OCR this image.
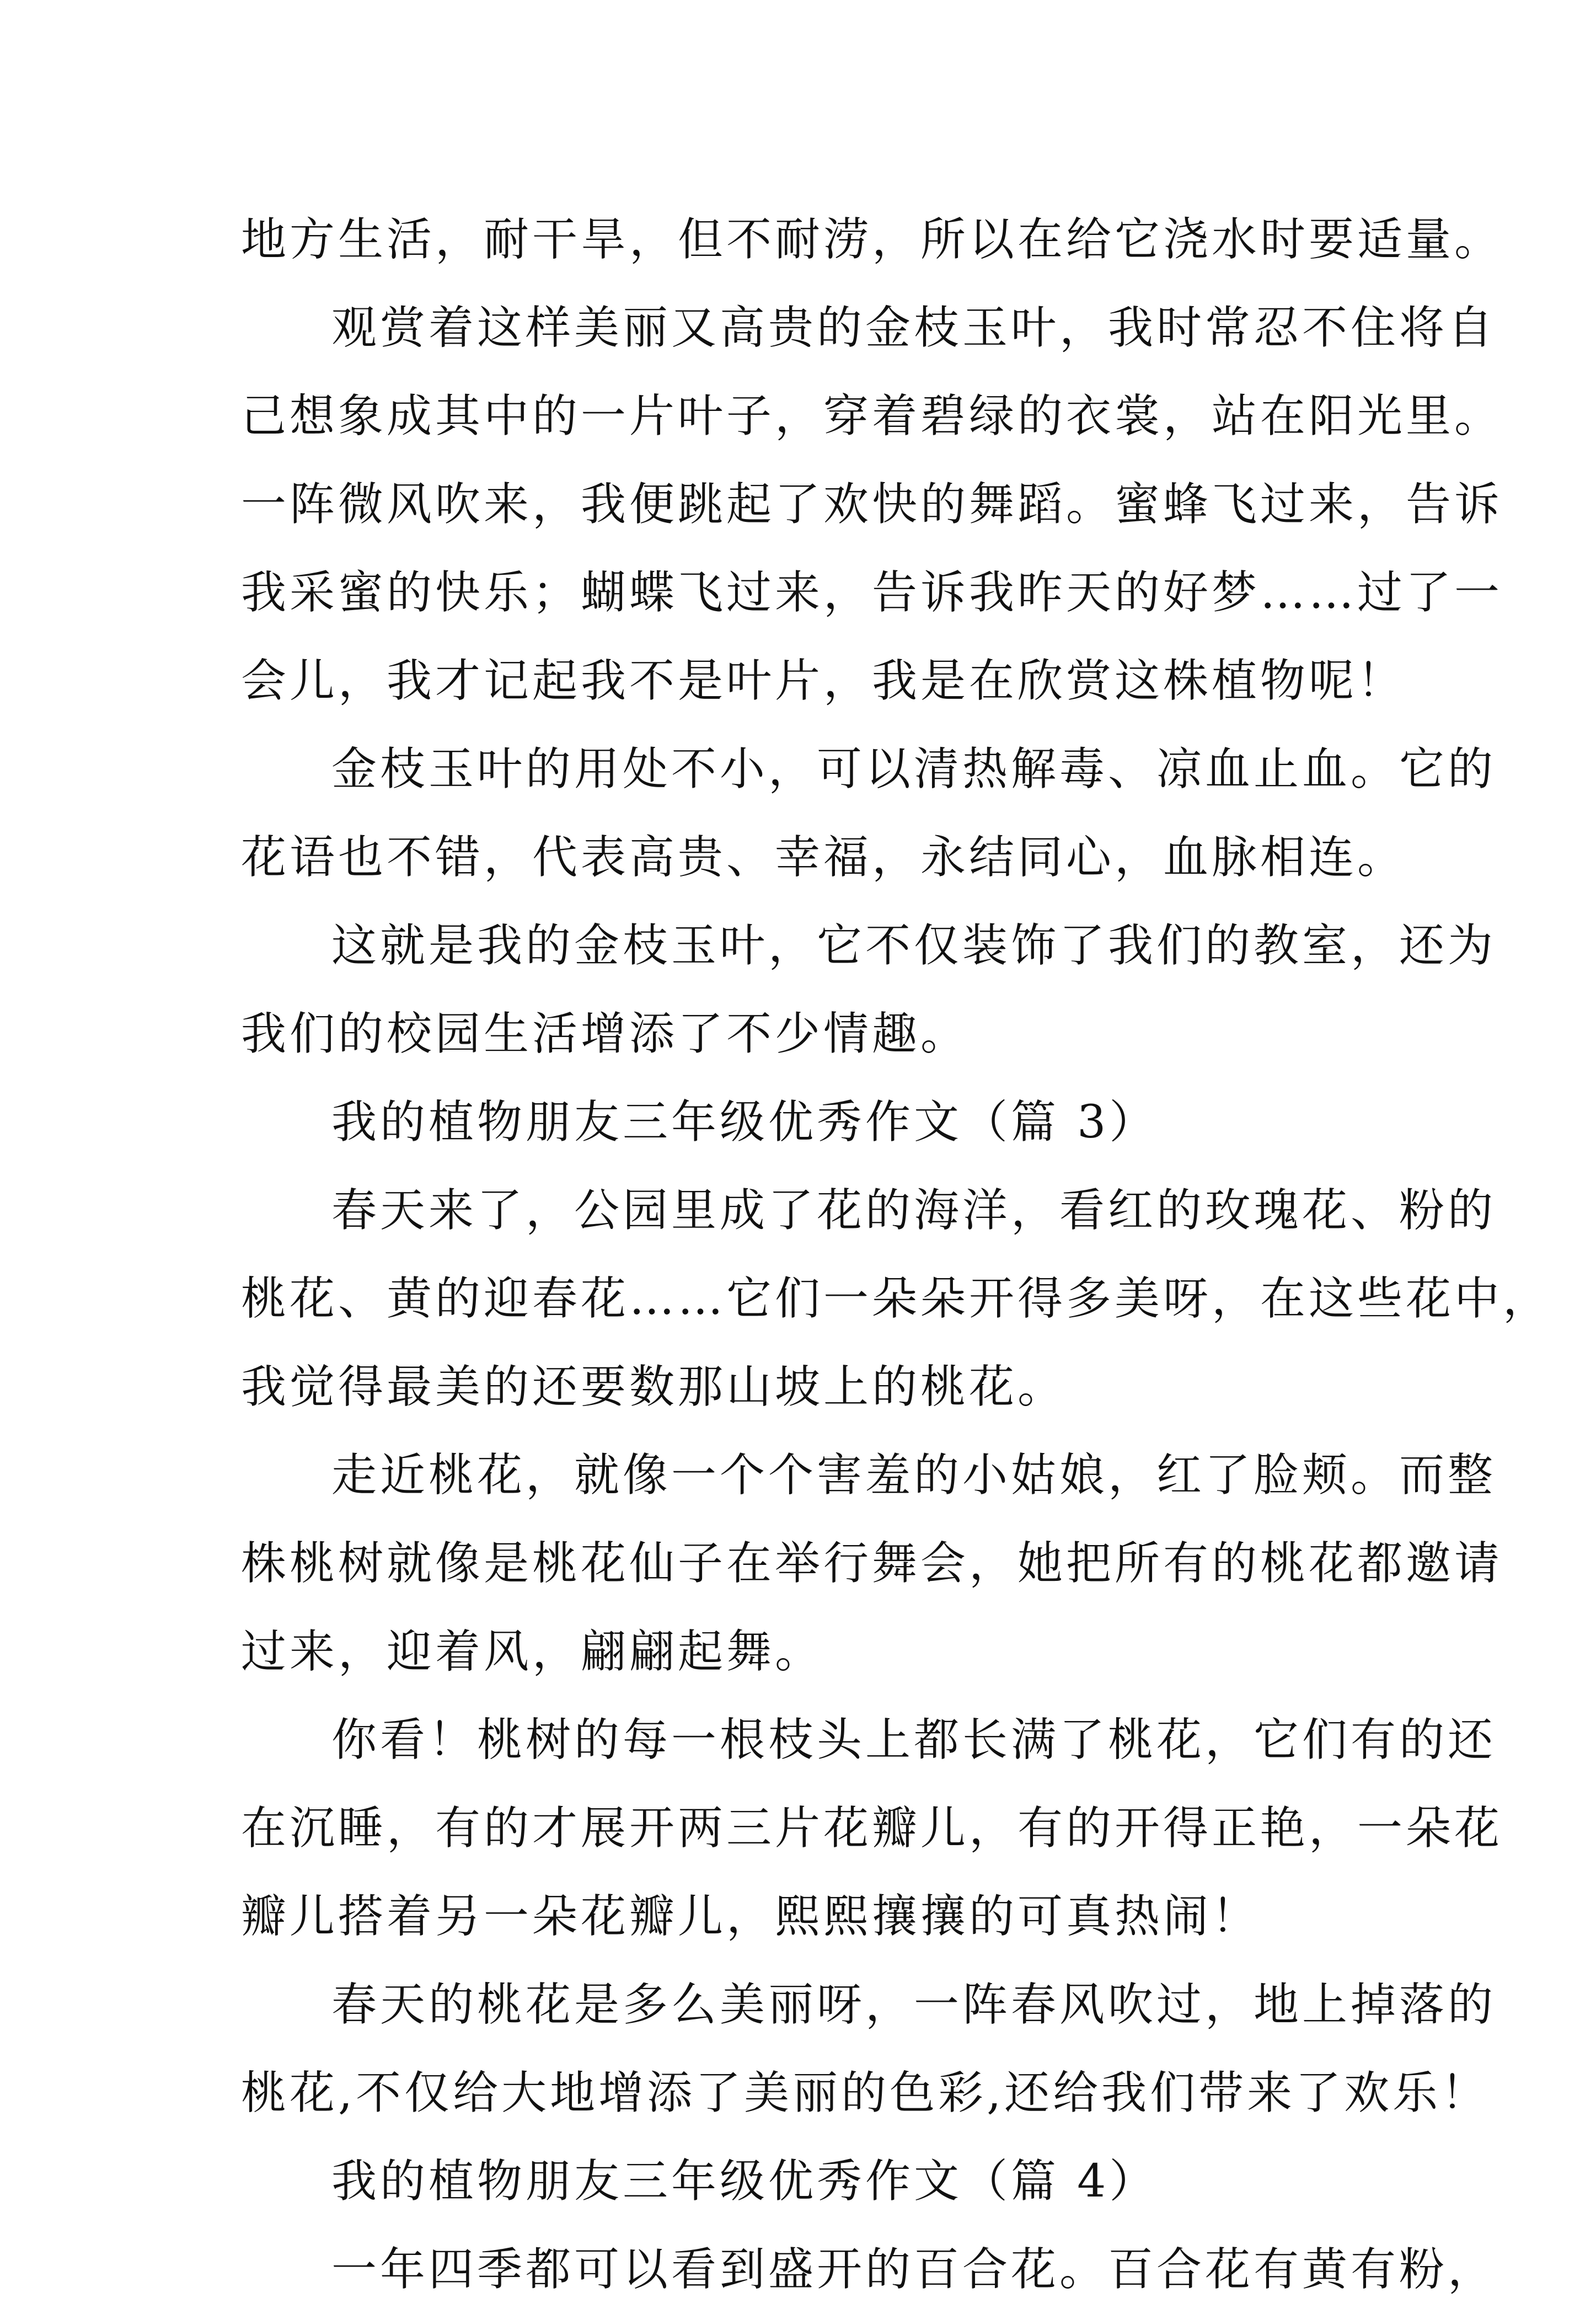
地方生活，耐干旱，但不耐涝，所以在给它浇水时要适量。
观赏着这样美丽又高贵的金枝玉叶，我时常忍不住将自
己想象成其中的一片叶子，穿着碧绿的衣裳，站在阳光里。
一阵微风吹来，我便跳起了欢快的舞蹈。蜜蜂飞过来，告诉
我采蜜的快乐；蝴蝶飞过来，告诉我昨天的好梦……过了一
会儿，我才记起我不是叶片，我是在欣赏这株植物呢！
金枝玉叶的用处不小，可以清热解毒、凉血止血。它的
花语也不错，代表高贵、幸福，永结同心，血脉相连。
这就是我的金枝玉叶，它不仅装饰了我们的教室，还为
我们的校园生活增添了不少情趣。
我的植物朋友三年级优秀作文（篇 3）
春天来了，公园里成了花的海洋，看红的玫瑰花、粉的
桃花、黄的迎春花……它们一朵朵开得多美呀，在这些花中，
我觉得最美的还要数那山坡上的桃花。
走近桃花，就像一个个害羞的小姑娘，红了脸颊。而整
株桃树就像是桃花仙子在举行舞会，她把所有的桃花都邀请
过来，迎着风，翩翩起舞。
你看！桃树的每一根枝头上都长满了桃花，它们有的还
在沉睡，有的才展开两三片花瓣儿，有的开得正艳，一朵花
瓣儿搭着另一朵花瓣儿，熙熙攘攘的可真热闹！
春天的桃花是多么美丽呀，一阵春风吹过，地上掉落的
桃花,不仅给大地增添了美丽的色彩,还给我们带来了欢乐！
我的植物朋友三年级优秀作文（篇 4）
一年四季都可以看到盛开的百合花。百合花有黄有粉，
